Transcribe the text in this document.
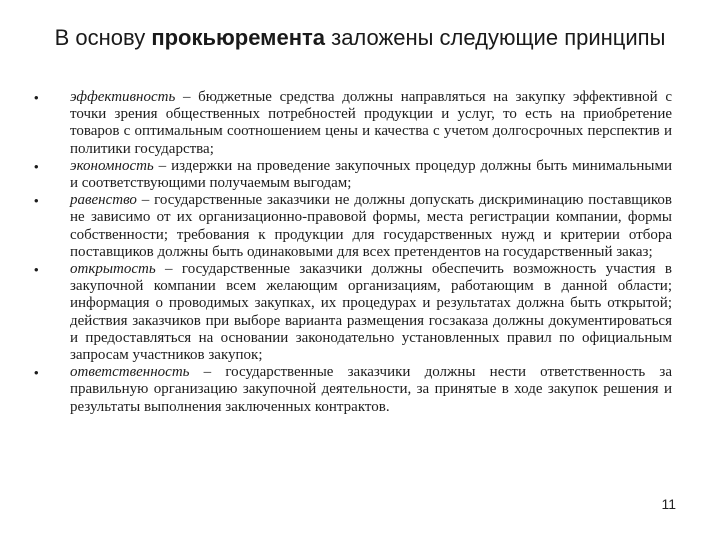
В основу прокьюремента заложены следующие принципы
•	эффективность – бюджетные средства должны направляться на закупку эффективной с точки зрения общественных потребностей продукции и услуг, то есть на приобретение товаров с оптимальным соотношением цены и качества с учетом долгосрочных перспектив и политики государства;
•	экономность – издержки на проведение закупочных процедур должны быть минимальными и соответствующими получаемым выгодам;
•	равенство – государственные заказчики не должны допускать дискриминацию поставщиков не зависимо от их организационно-правовой формы, места регистрации компании, формы собственности; требования к продукции для государственных нужд и критерии отбора поставщиков должны быть одинаковыми для всех претендентов на государственный заказ;
•	открытость – государственные заказчики должны обеспечить возможность участия в закупочной компании всем желающим организациям, работающим в данной области; информация о проводимых закупках, их процедурах и результатах должна быть открытой; действия заказчиков при выборе варианта размещения госзаказа должны документироваться и предоставляться на основании законодательно установленных правил по официальным запросам участников закупок;
•	ответственность – государственные заказчики должны нести ответственность за правильную организацию закупочной деятельности, за принятые в ходе закупок решения и результаты выполнения заключенных контрактов.
11
